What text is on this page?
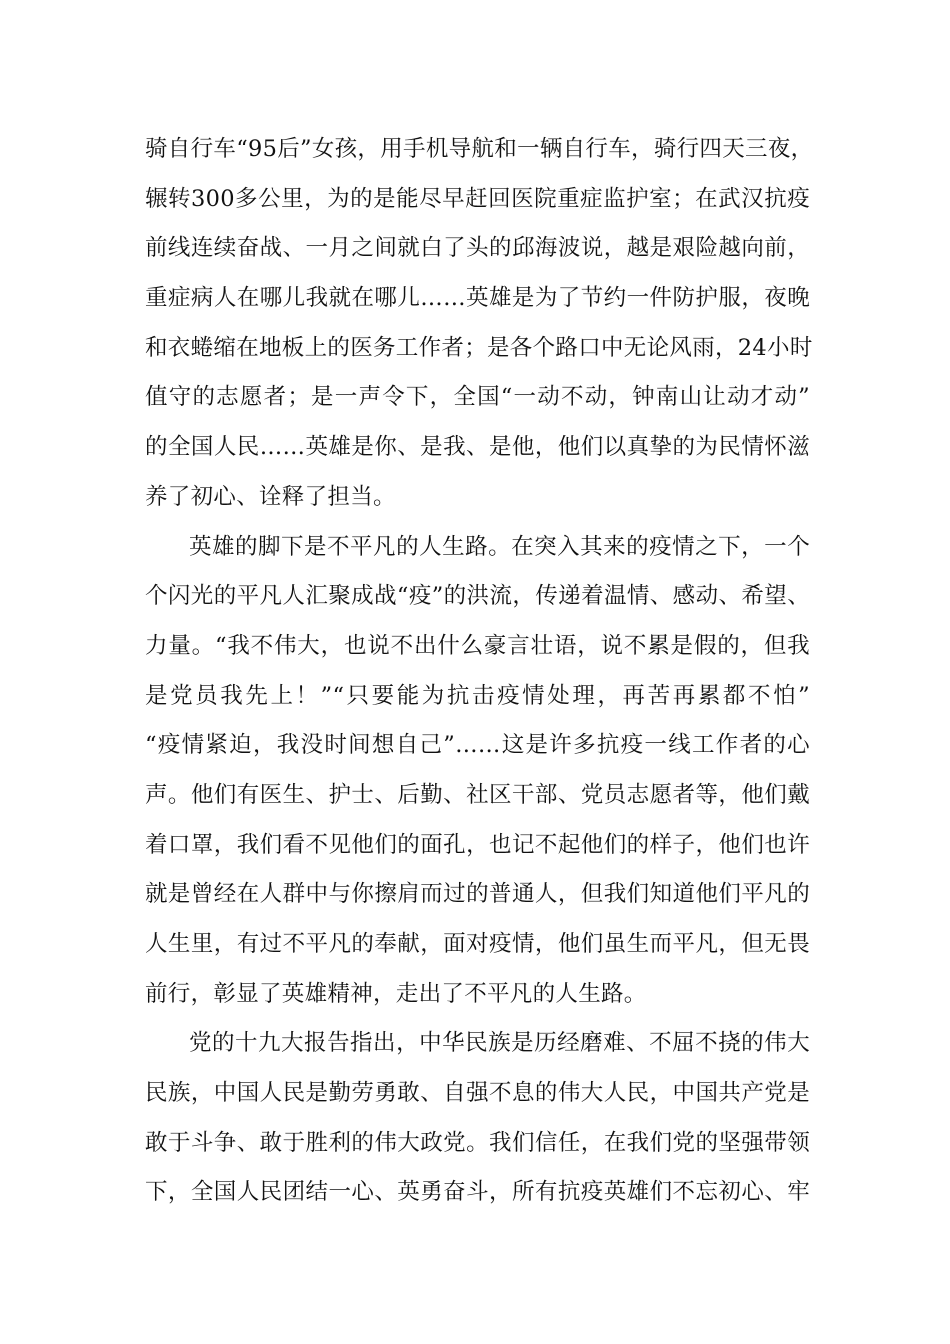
骑自行车“95后”女孩，用手机导航和一辆自行车，骑行四天三夜，
辗转300多公里，为的是能尽早赶回医院重症监护室；在武汉抗疫
前线连续奋战、一月之间就白了头的邱海波说，越是艰险越向前，
重症病人在哪儿我就在哪儿……英雄是为了节约一件防护服，夜晚
和衣蜷缩在地板上的医务工作者；是各个路口中无论风雨，24小时
值守的志愿者；是一声令下，全国“一动不动，钟南山让动才动”
的全国人民……英雄是你、是我、是他，他们以真挚的为民情怀滋
养了初心、诠释了担当。
英雄的脚下是不平凡的人生路。在突入其来的疫情之下，一个
个闪光的平凡人汇聚成战“疫”的洪流，传递着温情、感动、希望、
力量。“我不伟大，也说不出什么豪言壮语，说不累是假的，但我
是党员我先上！”“只要能为抗击疫情处理，再苦再累都不怕”
“疫情紧迫，我没时间想自己”……这是许多抗疫一线工作者的心
声。他们有医生、护士、后勤、社区干部、党员志愿者等，他们戴
着口罩，我们看不见他们的面孔，也记不起他们的样子，他们也许
就是曾经在人群中与你擦肩而过的普通人，但我们知道他们平凡的
人生里，有过不平凡的奉献，面对疫情，他们虽生而平凡，但无畏
前行，彰显了英雄精神，走出了不平凡的人生路。
党的十九大报告指出，中华民族是历经磨难、不屈不挠的伟大
民族，中国人民是勤劳勇敢、自强不息的伟大人民，中国共产党是
敢于斗争、敢于胜利的伟大政党。我们信任，在我们党的坚强带领
下，全国人民团结一心、英勇奋斗，所有抗疫英雄们不忘初心、牢
